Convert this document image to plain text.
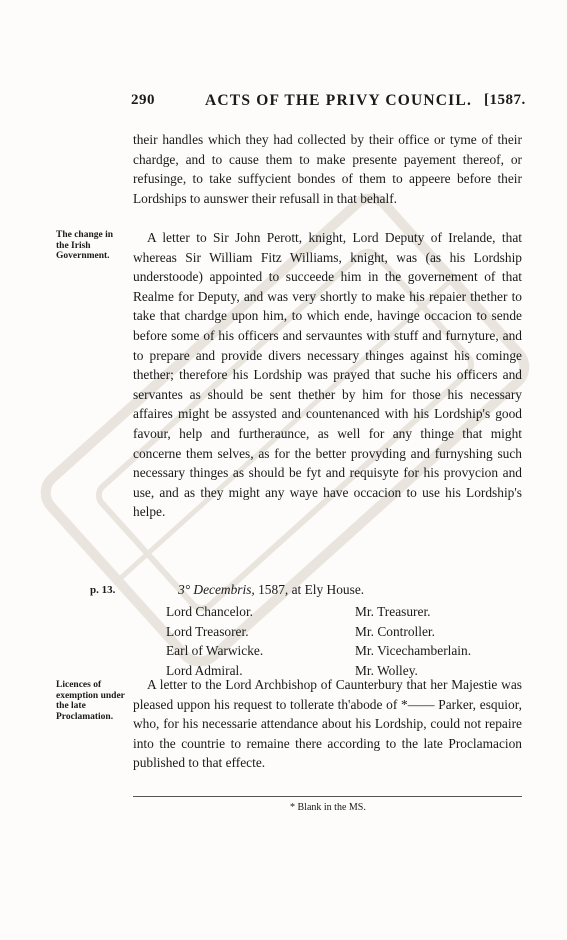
290	ACTS OF THE PRIVY COUNCIL. [1587.
their handles which they had collected by their office or tyme of their chardge, and to cause them to make presente payement thereof, or refusinge, to take suffycient bondes of them to appeere before their Lordships to aunswer their refusall in that behalf.
The change in the Irish Government.
A letter to Sir John Perott, knight, Lord Deputy of Irelande, that whereas Sir William Fitz Williams, knight, was (as his Lordship understoode) appointed to succeede him in the governement of that Realme for Deputy, and was very shortly to make his repaier thether to take that chardge upon him, to which ende, havinge occacion to sende before some of his officers and servauntes with stuff and furnyture, and to prepare and provide divers necessary thinges against his cominge thether; therefore his Lordship was prayed that suche his officers and servantes as should be sent thether by him for those his necessary affaires might be assysted and countenanced with his Lordship's good favour, help and furtheraunce, as well for any thinge that might concerne them selves, as for the better provyding and furnyshing such necessary thinges as should be fyt and requisyte for his provycion and use, and as they might any waye have occacion to use his Lordship's helpe.
p. 13.	3° Decembris, 1587, at Ely House.
Lord Chancelor.
Lord Treasorer.
Earl of Warwicke.
Lord Admiral.
Mr. Treasurer.
Mr. Controller.
Mr. Vicechamberlain.
Mr. Wolley.
Licences of exemption under the late Proclamation.
A letter to the Lord Archbishop of Caunterbury that her Majestie was pleased uppon his request to tollerate th'abode of *—— Parker, esquior, who, for his necessarie attendance about his Lordship, could not repaire into the countrie to remaine there according to the late Proclamacion published to that effecte.
* Blank in the MS.
